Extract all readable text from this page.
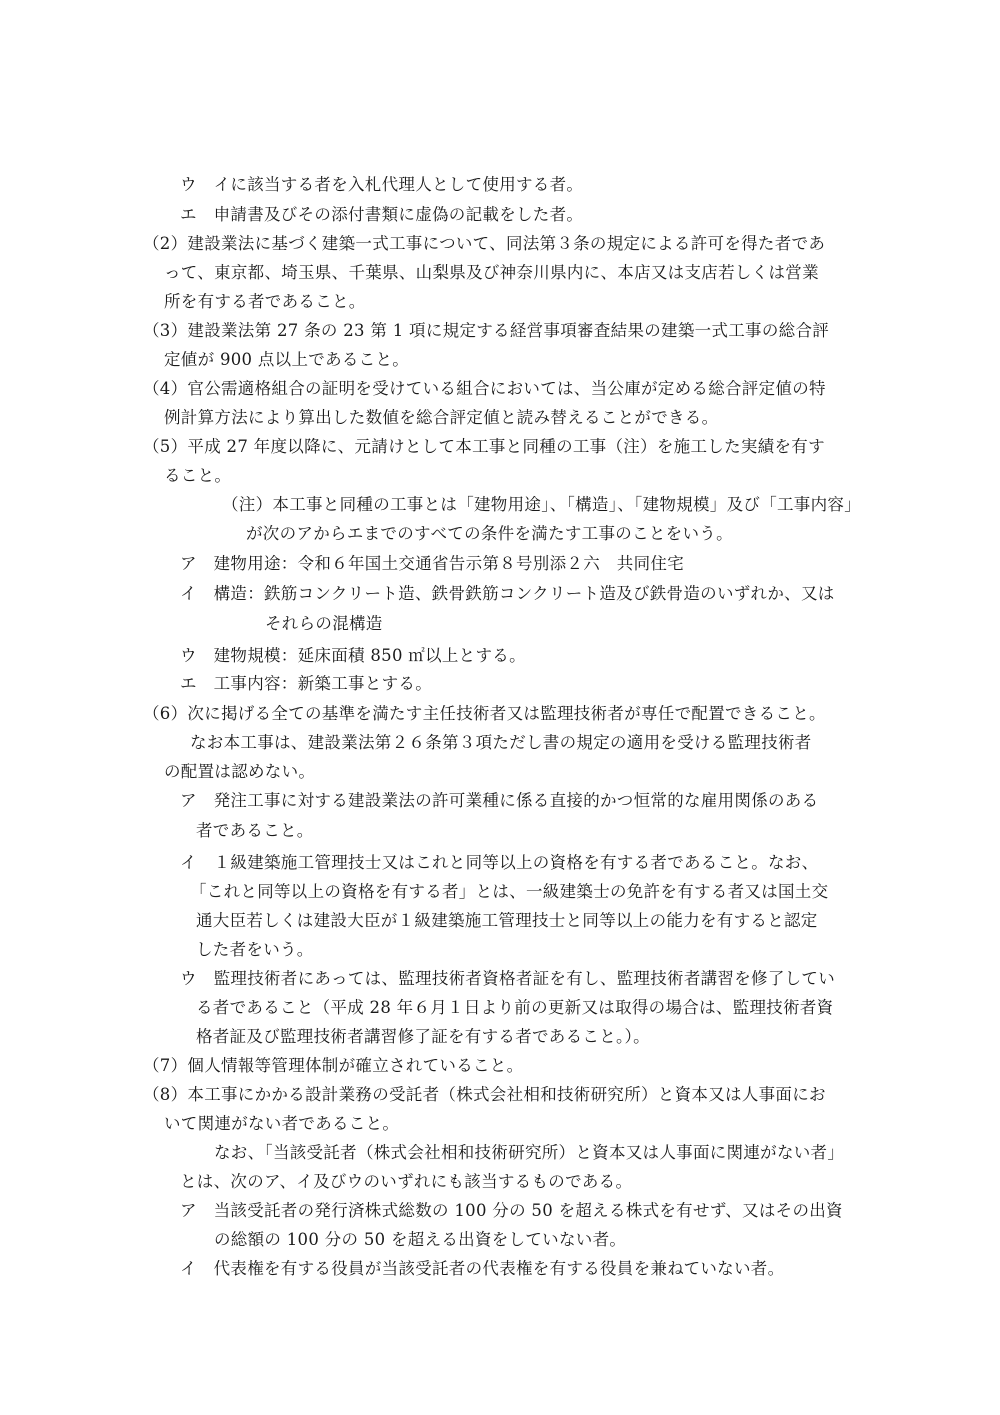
ウ　イに該当する者を入札代理人として使用する者。
エ　申請書及びその添付書類に虚偽の記載をした者。
（2）建設業法に基づく建築一式工事について、同法第３条の規定による許可を得た者であ
って、東京都、埼玉県、千葉県、山梨県及び神奈川県内に、本店又は支店若しくは営業
所を有する者であること。
（3）建設業法第 27 条の 23 第 1 項に規定する経営事項審査結果の建築一式工事の総合評
定値が 900 点以上であること。
（4）官公需適格組合の証明を受けている組合においては、当公庫が定める総合評定値の特
例計算方法により算出した数値を総合評定値と読み替えることができる。
（5）平成 27 年度以降に、元請けとして本工事と同種の工事（注）を施工した実績を有す
ること。
（注）本工事と同種の工事とは「建物用途」、「構造」、「建物規模」及び「工事内容」
が次のアからエまでのすべての条件を満たす工事のことをいう。
ア　建物用途：令和６年国土交通省告示第８号別添２六　共同住宅
イ　構造：鉄筋コンクリート造、鉄骨鉄筋コンクリート造及び鉄骨造のいずれか、又は
それらの混構造
ウ　建物規模：延床面積 850 ㎡以上とする。
エ　工事内容：新築工事とする。
（6）次に掲げる全ての基準を満たす主任技術者又は監理技術者が専任で配置できること。
なお本工事は、建設業法第２６条第３項ただし書の規定の適用を受ける監理技術者
の配置は認めない。
ア　発注工事に対する建設業法の許可業種に係る直接的かつ恒常的な雇用関係のある
者であること。
イ　１級建築施工管理技士又はこれと同等以上の資格を有する者であること。なお、
「これと同等以上の資格を有する者」とは、一級建築士の免許を有する者又は国土交
通大臣若しくは建設大臣が１級建築施工管理技士と同等以上の能力を有すると認定
した者をいう。
ウ　監理技術者にあっては、監理技術者資格者証を有し、監理技術者講習を修了してい
る者であること（平成 28 年６月１日より前の更新又は取得の場合は、監理技術者資
格者証及び監理技術者講習修了証を有する者であること。）。
（7）個人情報等管理体制が確立されていること。
（8）本工事にかかる設計業務の受託者（株式会社相和技術研究所）と資本又は人事面にお
いて関連がない者であること。
なお、「当該受託者（株式会社相和技術研究所）と資本又は人事面に関連がない者」
とは、次のア、イ及びウのいずれにも該当するものである。
ア　当該受託者の発行済株式総数の 100 分の 50 を超える株式を有せず、又はその出資
の総額の 100 分の 50 を超える出資をしていない者。
イ　代表権を有する役員が当該受託者の代表権を有する役員を兼ねていない者。
